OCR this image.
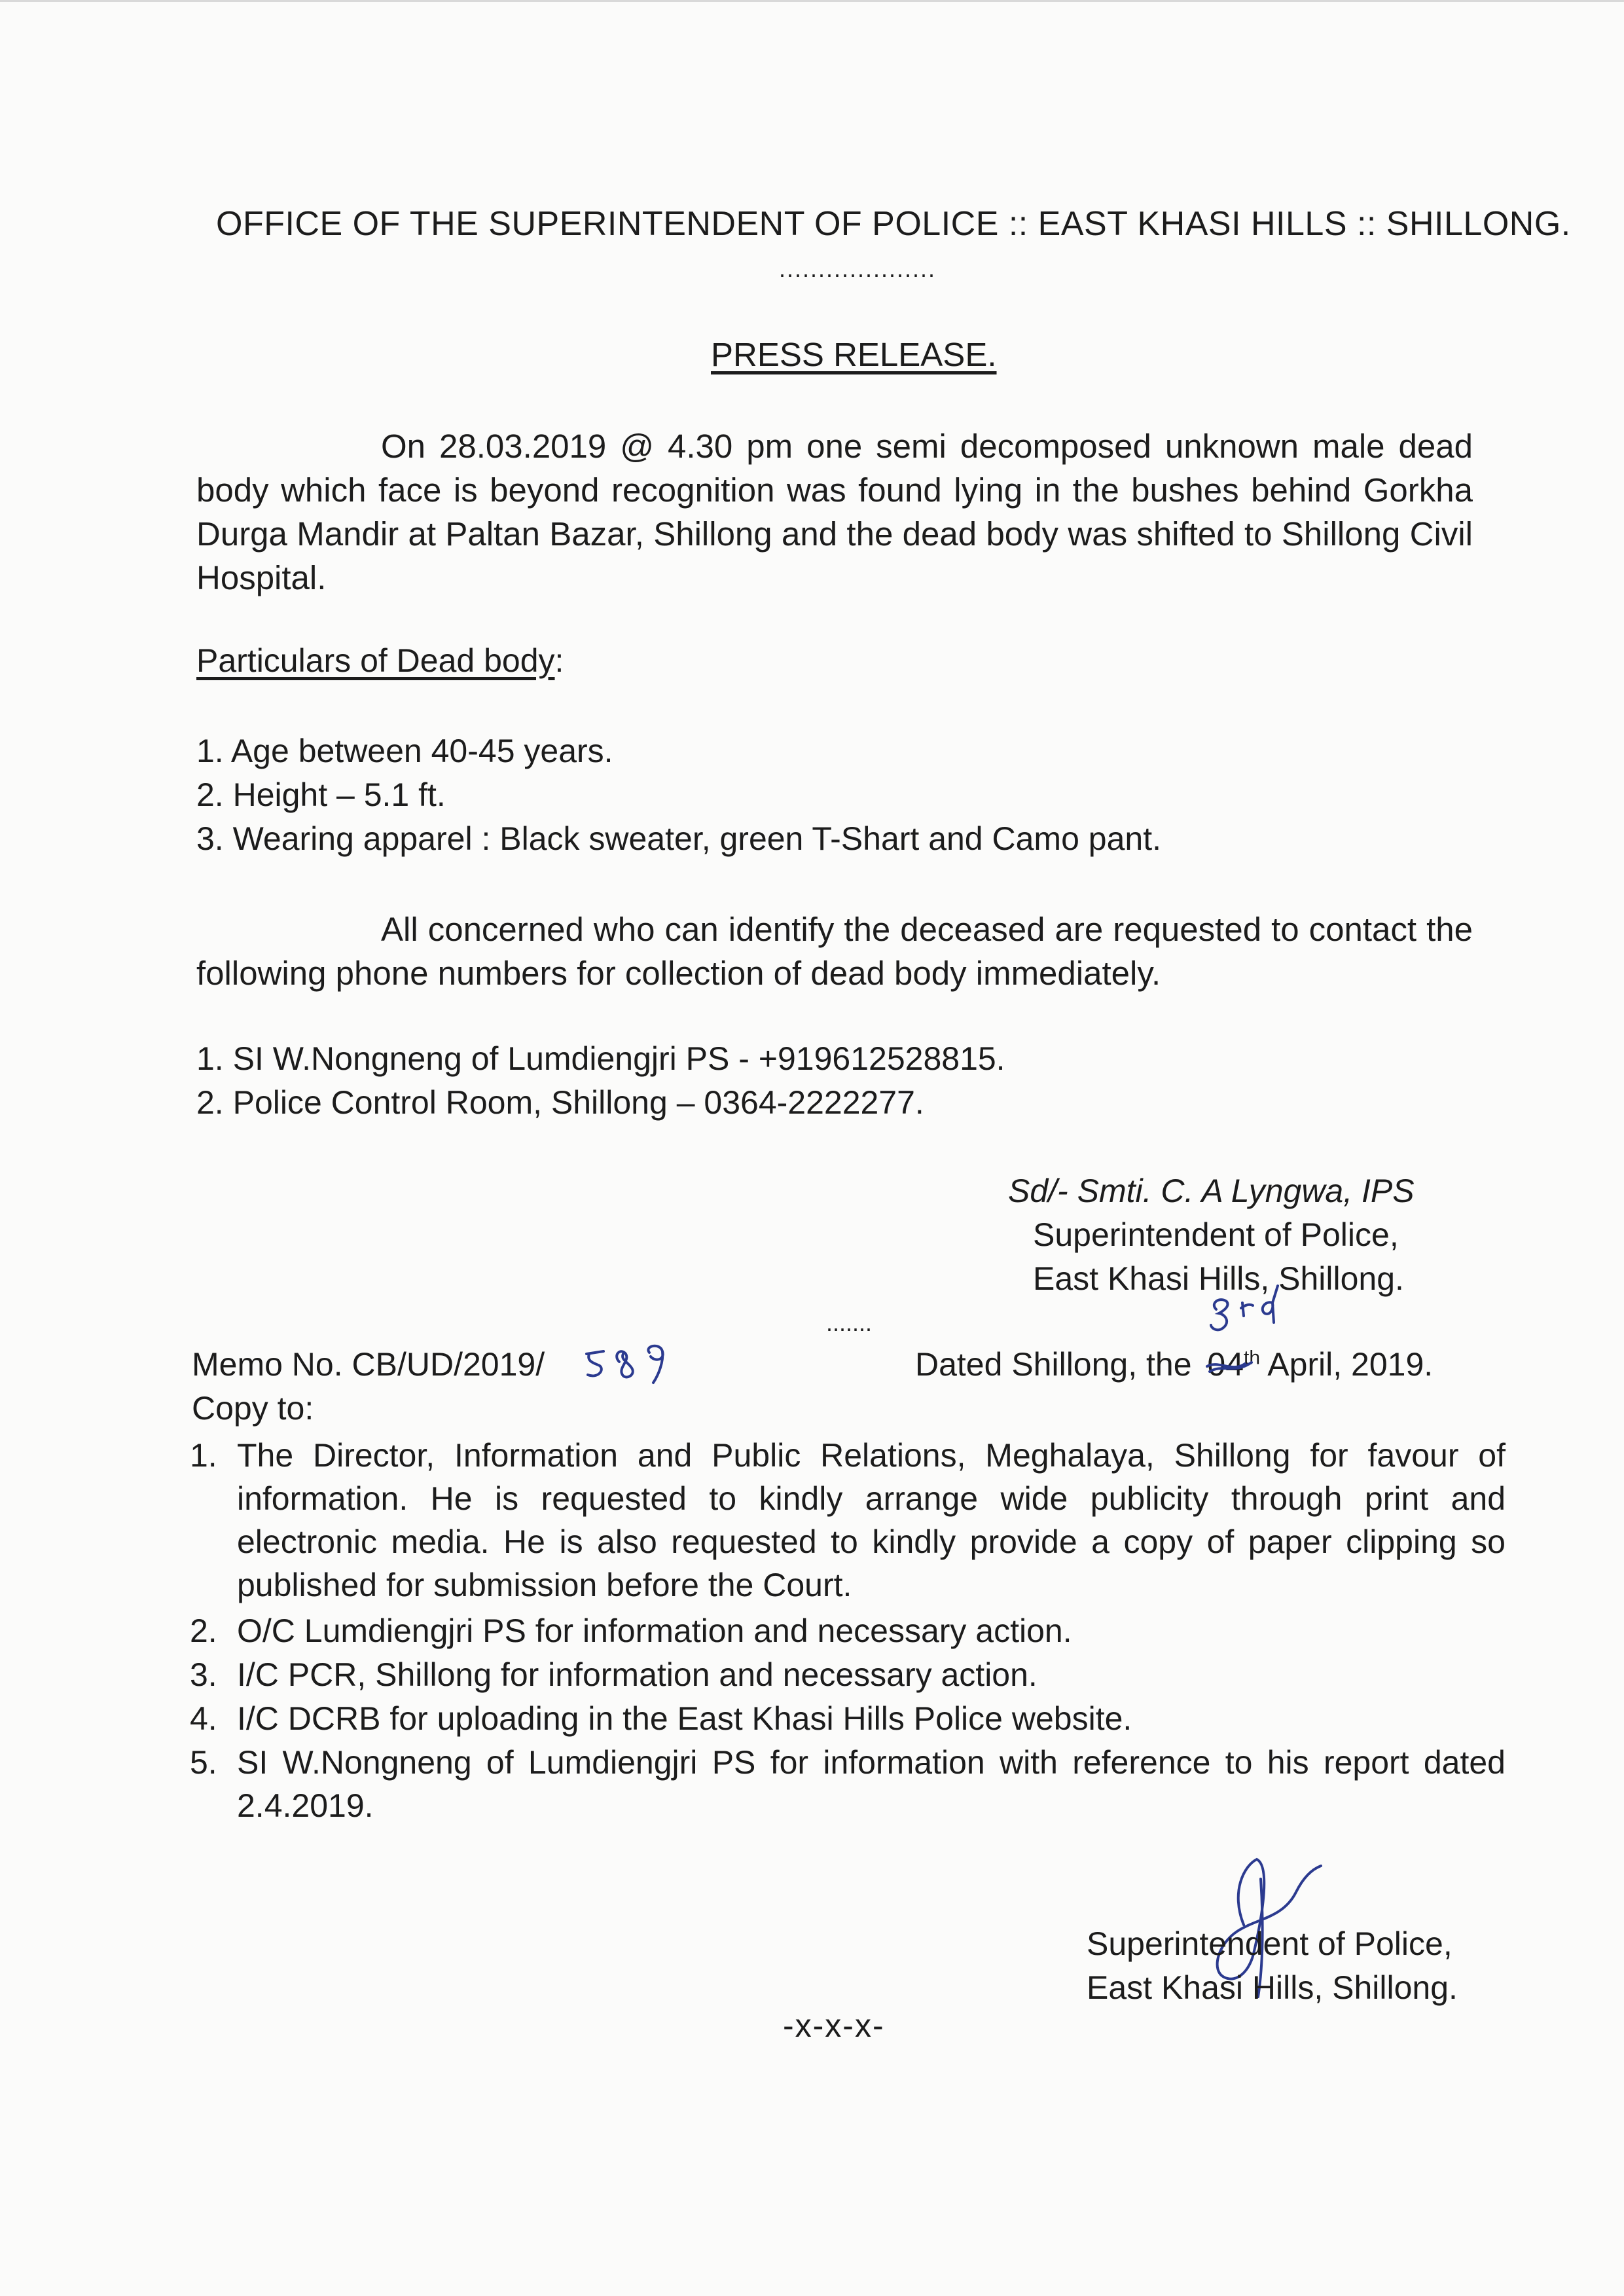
OFFICE OF THE SUPERINTENDENT OF POLICE :: EAST KHASI HILLS :: SHILLONG.
....................
PRESS RELEASE.
On 28.03.2019 @ 4.30 pm one semi decomposed unknown male dead body which face is beyond recognition was found lying in the bushes behind Gorkha Durga Mandir at Paltan Bazar, Shillong and the dead body was shifted to Shillong Civil Hospital.
Particulars of Dead body:
1. Age between 40-45 years.
2. Height – 5.1 ft.
3. Wearing apparel : Black sweater, green T-Shart and Camo pant.
All concerned who can identify the deceased are requested to contact the following phone numbers for collection of dead body immediately.
1. SI W.Nongneng of Lumdiengjri PS - +919612528815.
2. Police Control Room, Shillong – 0364-2222277.
Sd/- Smti. C. A Lyngwa, IPS
Superintendent of Police,
East Khasi Hills, Shillong.
.......
Memo No. CB/UD/2019/	Dated Shillong, the 04th April, 2019.
Copy to:
1. The Director, Information and Public Relations, Meghalaya, Shillong for favour of information. He is requested to kindly arrange wide publicity through print and electronic media. He is also requested to kindly provide a copy of paper clipping so published for submission before the Court.
2. O/C Lumdiengjri PS for information and necessary action.
3. I/C PCR, Shillong for information and necessary action.
4. I/C DCRB for uploading in the East Khasi Hills Police website.
5. SI W.Nongneng of Lumdiengjri PS for information with reference to his report dated 2.4.2019.
Superintendent of Police,
East Khasi Hills, Shillong.
-x-x-x-
